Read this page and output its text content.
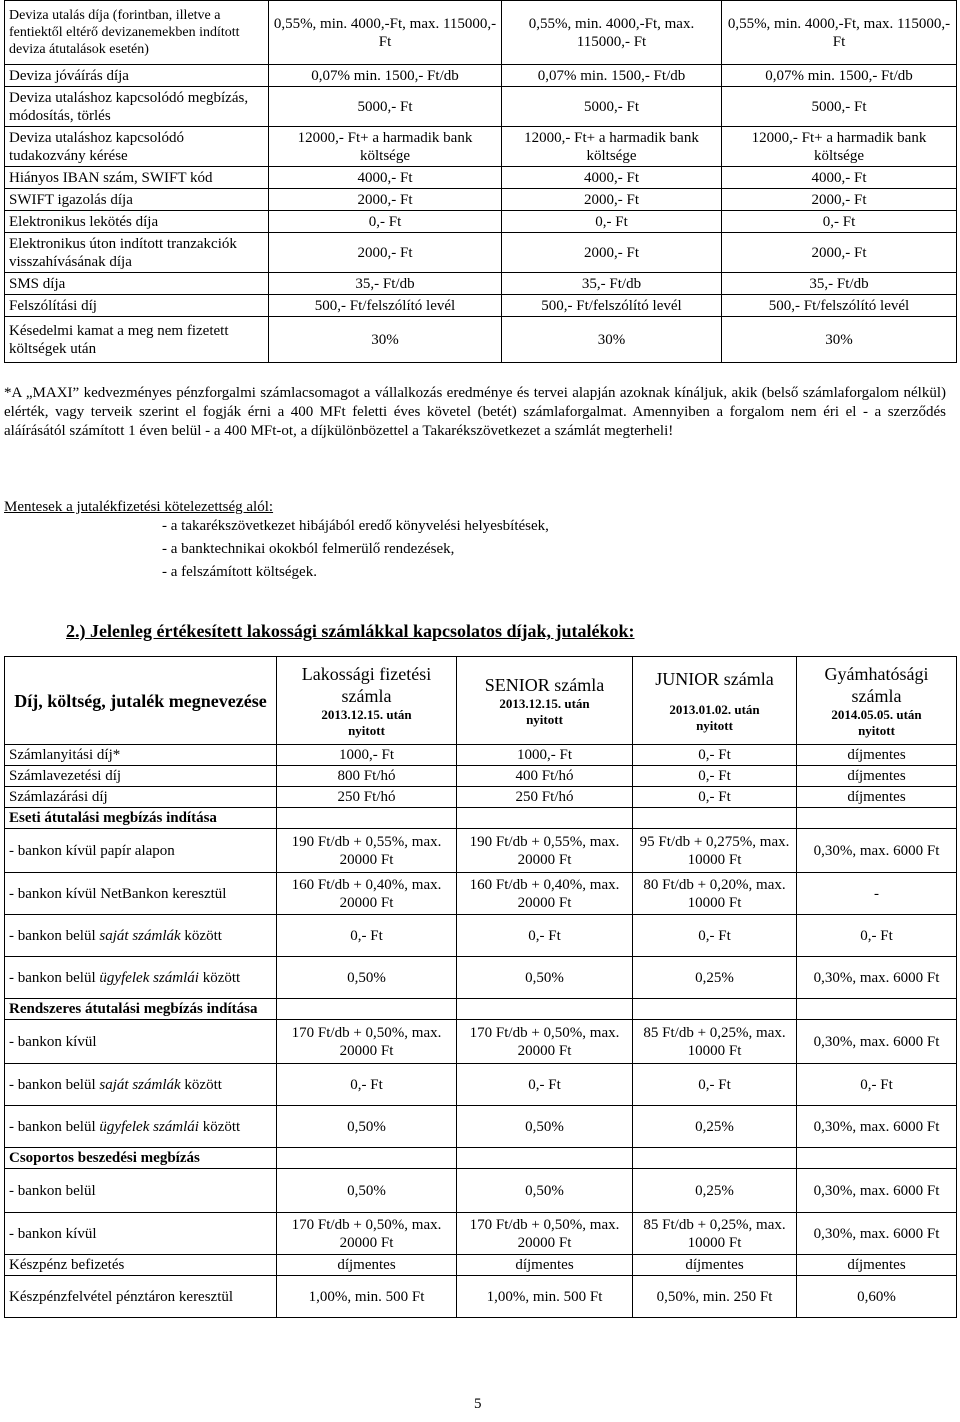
Deviza utalás díja (forintban, illetve a fentiektől eltérő devizanemekben indított deviza átutalások esetén)	0,55%, min. 4000,-Ft, max. 115000,- Ft	0,55%, min. 4000,-Ft, max. 115000,- Ft	0,55%, min. 4000,-Ft, max. 115000,- Ft
Deviza jóváírás díja	0,07% min. 1500,- Ft/db	0,07% min. 1500,- Ft/db	0,07% min. 1500,- Ft/db
Deviza utaláshoz kapcsolódó megbízás, módosítás, törlés	5000,- Ft	5000,- Ft	5000,- Ft
Deviza utaláshoz kapcsolódó tudakozvány kérése	12000,- Ft+ a harmadik bank költsége	12000,- Ft+ a harmadik bank költsége	12000,- Ft+ a harmadik bank költsége
Hiányos IBAN szám, SWIFT kód	4000,- Ft	4000,- Ft	4000,- Ft
SWIFT igazolás díja	2000,- Ft	2000,- Ft	2000,- Ft
Elektronikus lekötés díja	0,- Ft	0,- Ft	0,- Ft
Elektronikus úton indított tranzakciók visszahívásának díja	2000,- Ft	2000,- Ft	2000,- Ft
SMS díja	35,- Ft/db	35,- Ft/db	35,- Ft/db
Felszólítási díj	500,- Ft/felszólító levél	500,- Ft/felszólító levél	500,- Ft/felszólító levél
Késedelmi kamat a meg nem fizetett költségek után	30%	30%	30%
*A „MAXI” kedvezményes pénzforgalmi számlacsomagot a vállalkozás eredménye és tervei alapján azoknak kínáljuk, akik (belső számlaforgalom nélkül) elérték, vagy terveik szerint el fogják érni a 400 MFt feletti éves követel (betét) számlaforgalmat. Amennyiben a forgalom nem éri el - a szerződés aláírásától számított 1 éven belül - a 400 MFt-ot, a díjkülönbözettel a Takarékszövetkezet a számlát megterheli!
Mentesek a jutalékfizetési kötelezettség alól:
- a takarékszövetkezet hibájából eredő könyvelési helyesbítések,
- a banktechnikai okokból felmerülő rendezések,
- a felszámított költségek.
2.) Jelenleg értékesített lakossági számlákkal kapcsolatos díjak, jutalékok:
Díj, költség, jutalék megnevezése	Lakossági fizetési számla
2013.12.15. után
nyitott	SENIOR számla
2013.12.15. után
nyitott	JUNIOR számla
2013.01.02. után
nyitott	Gyámhatósági számla
2014.05.05. után
nyitott

Számlanyitási díj*	1000,- Ft	1000,- Ft	0,- Ft	díjmentes
Számlavezetési díj	800 Ft/hó	400 Ft/hó	0,- Ft	díjmentes
Számlazárási díj	250 Ft/hó	250 Ft/hó	0,- Ft	díjmentes
Eseti átutalási megbízás indítása				
- bankon kívül papír alapon	190 Ft/db + 0,55%, max. 20000 Ft	190 Ft/db + 0,55%, max. 20000 Ft	95 Ft/db + 0,275%, max. 10000 Ft	0,30%, max. 6000 Ft
- bankon kívül NetBankon keresztül	160 Ft/db + 0,40%, max. 20000 Ft	160 Ft/db + 0,40%, max. 20000 Ft	80 Ft/db + 0,20%, max. 10000 Ft	-
- bankon belül saját számlák között	0,- Ft	0,- Ft	0,- Ft	0,- Ft
- bankon belül ügyfelek számlái között	0,50%	0,50%	0,25%	0,30%, max. 6000 Ft
Rendszeres átutalási megbízás indítása				
- bankon kívül	170 Ft/db + 0,50%, max. 20000 Ft	170 Ft/db + 0,50%, max. 20000 Ft	85 Ft/db + 0,25%, max. 10000 Ft	0,30%, max. 6000 Ft
- bankon belül saját számlák között	0,- Ft	0,- Ft	0,- Ft	0,- Ft
- bankon belül ügyfelek számlái között	0,50%	0,50%	0,25%	0,30%, max. 6000 Ft
Csoportos beszedési megbízás				
- bankon belül	0,50%	0,50%	0,25%	0,30%, max. 6000 Ft
- bankon kívül	170 Ft/db + 0,50%, max. 20000 Ft	170 Ft/db + 0,50%, max. 20000 Ft	85 Ft/db + 0,25%, max. 10000 Ft	0,30%, max. 6000 Ft
Készpénz befizetés	díjmentes	díjmentes	díjmentes	díjmentes
Készpénzfelvétel pénztáron keresztül	1,00%, min. 500 Ft	1,00%, min. 500 Ft	0,50%, min. 250 Ft	0,60%
5
